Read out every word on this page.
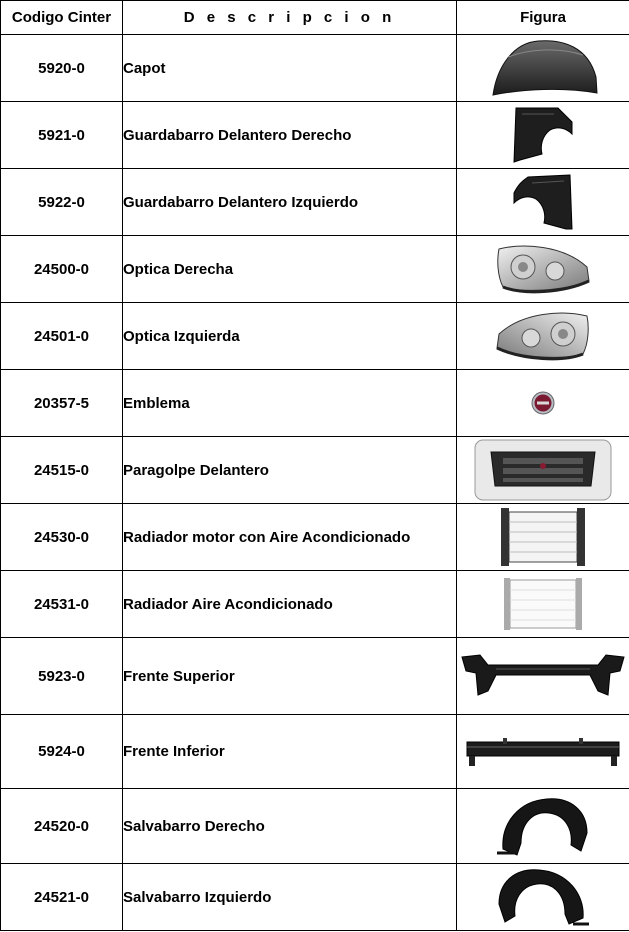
Codigo Cinter	D e s c r i p c i o n	Figura
5920-0	Capot	

5921-0	Guardabarro Delantero Derecho	

5922-0	Guardabarro Delantero Izquierdo	

24500-0	Optica Derecha	

24501-0	Optica Izquierda	

20357-5	Emblema	

24515-0	Paragolpe Delantero	

24530-0	Radiador motor con Aire Acondicionado	

24531-0	Radiador Aire Acondicionado	

5923-0	Frente Superior	

5924-0	Frente Inferior	

24520-0	Salvabarro Derecho	

24521-0	Salvabarro Izquierdo	
